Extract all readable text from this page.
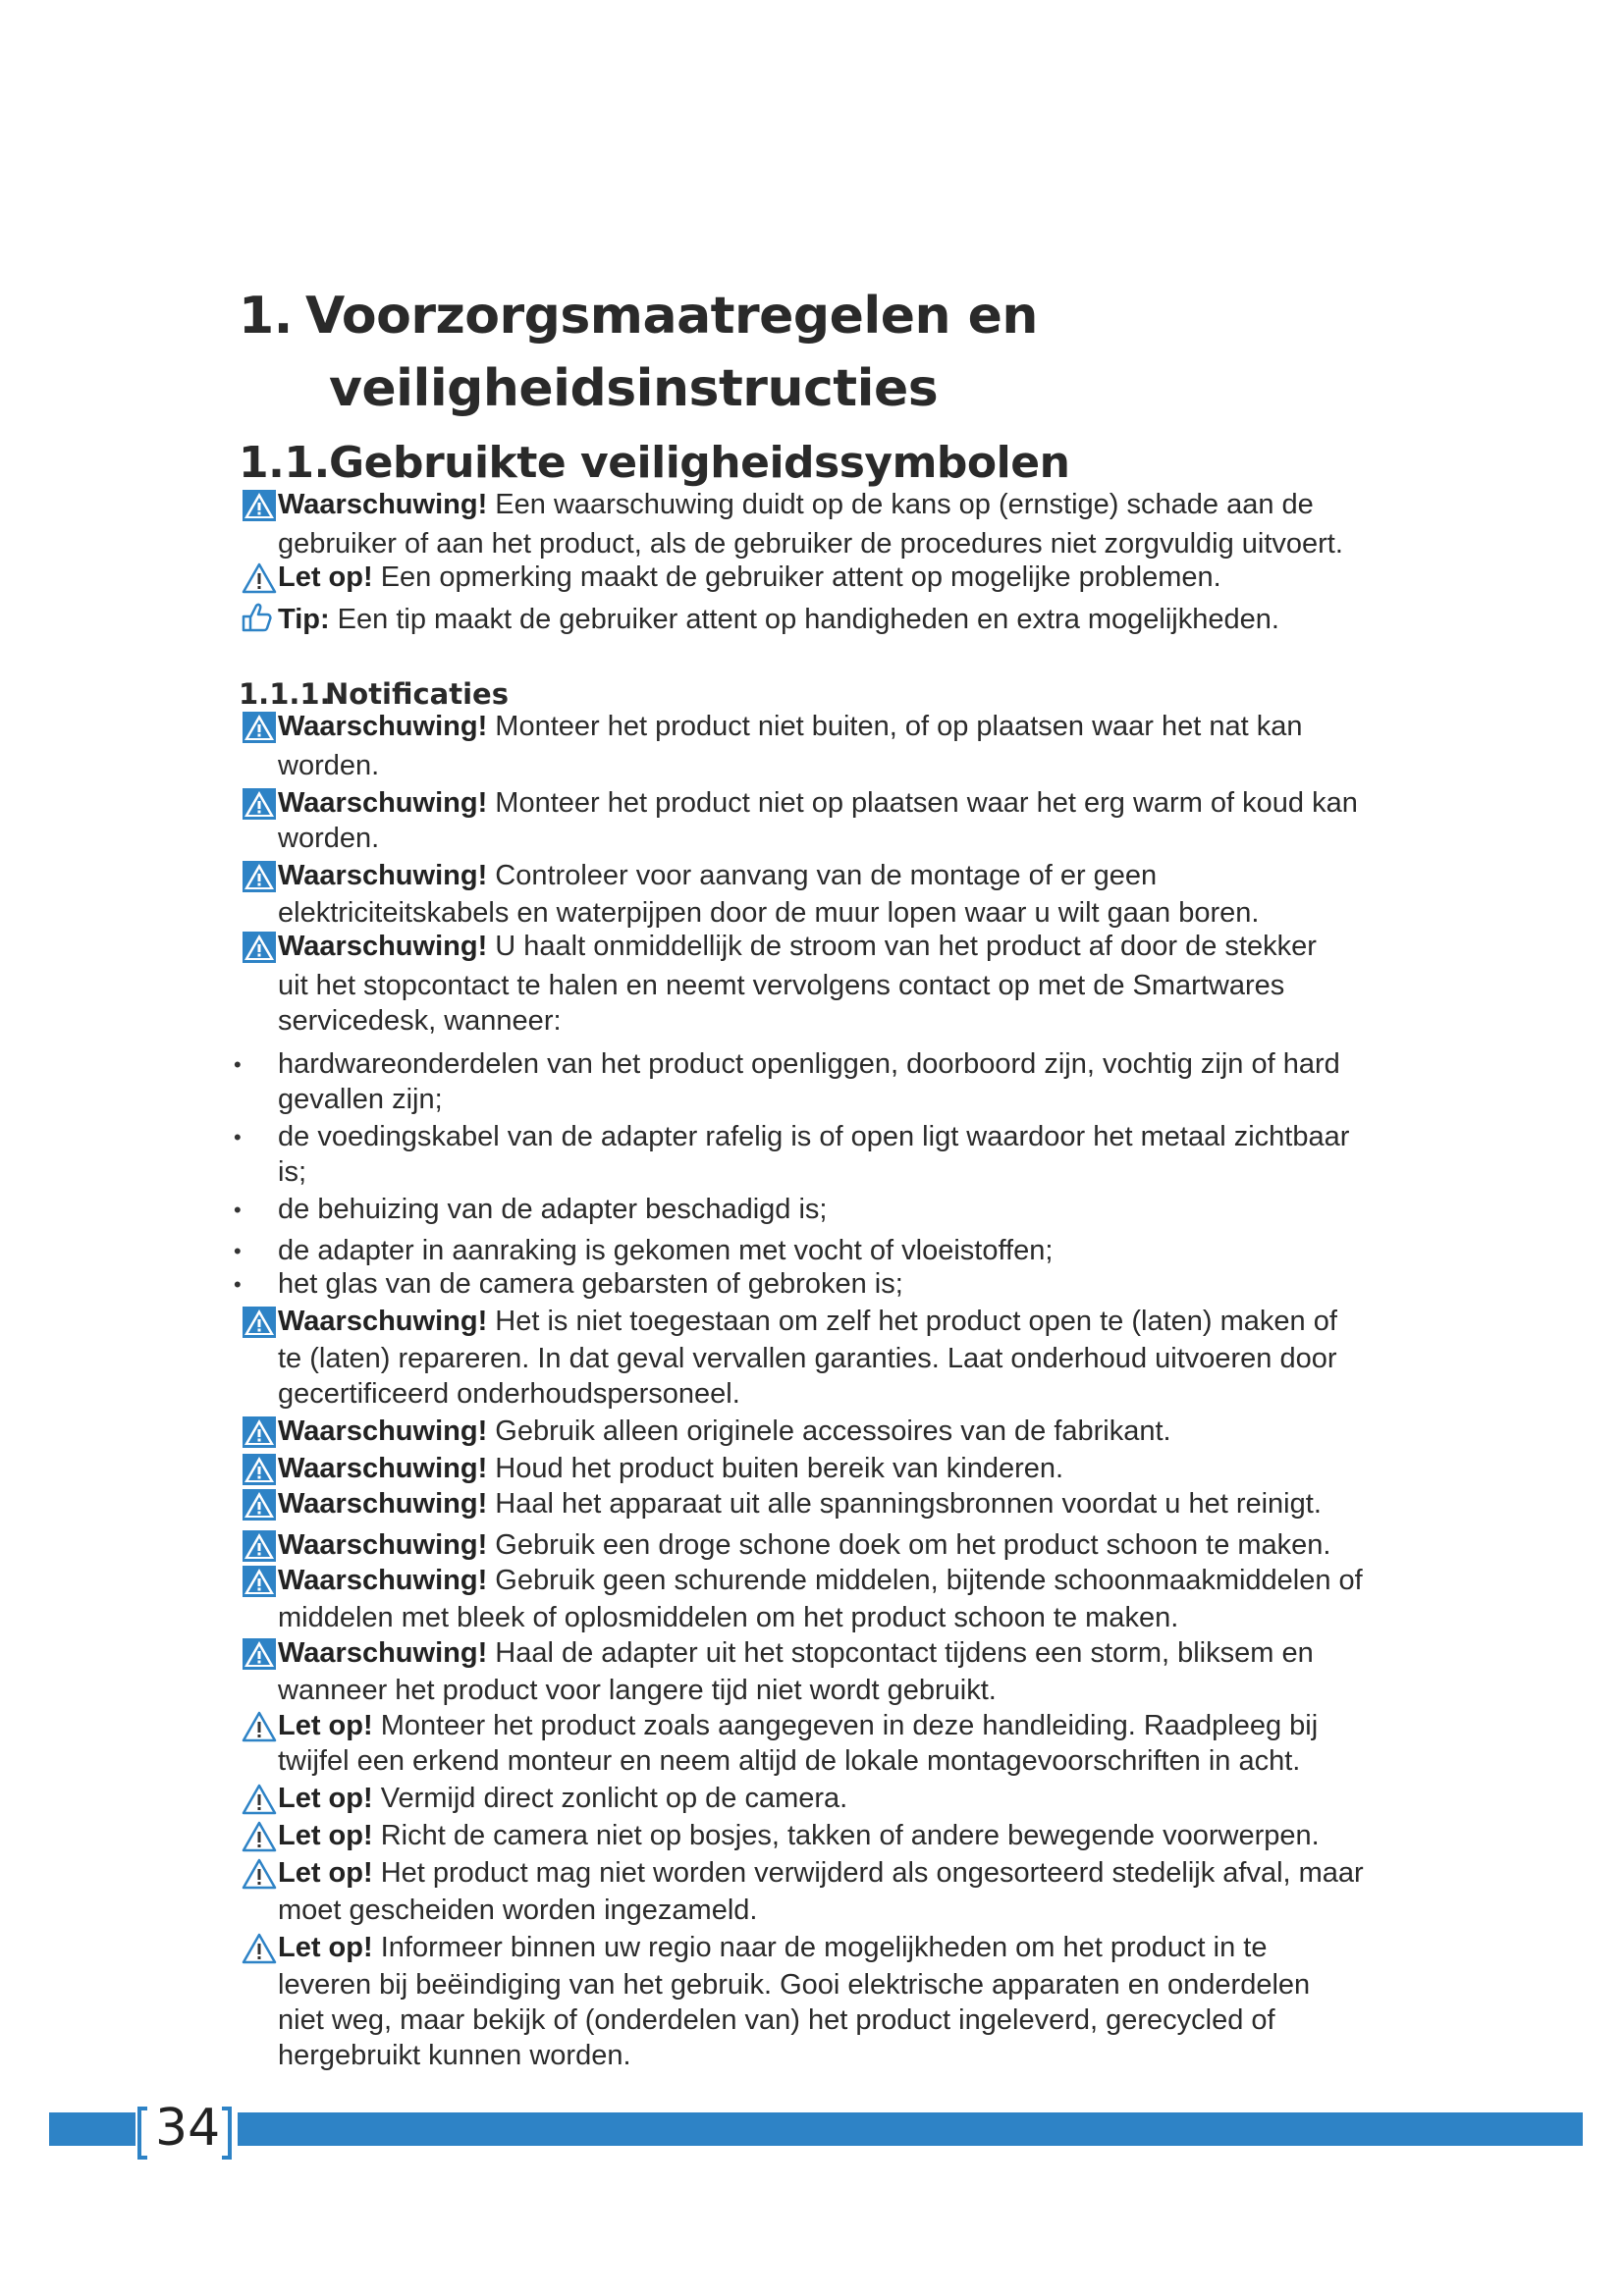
1. Voorzorgsmaatregelen en
veiligheidsinstructies
1.1.Gebruikte veiligheidssymbolen
Waarschuwing! Een waarschuwing duidt op de kans op (ernstige) schade aan de
gebruiker of aan het product, als de gebruiker de procedures niet zorgvuldig uitvoert.
Let op! Een opmerking maakt de gebruiker attent op mogelijke problemen.
Tip: Een tip maakt de gebruiker attent op handigheden en extra mogelijkheden.
1.1.1.Notificaties
Waarschuwing! Monteer het product niet buiten, of op plaatsen waar het nat kan
worden.
Waarschuwing! Monteer het product niet op plaatsen waar het erg warm of koud kan
worden.
Waarschuwing! Controleer voor aanvang van de montage of er geen
elektriciteitskabels en waterpijpen door de muur lopen waar u wilt gaan boren.
Waarschuwing! U haalt onmiddellijk de stroom van het product af door de stekker
uit het stopcontact te halen en neemt vervolgens contact op met de Smartwares
servicedesk, wanneer:
hardwareonderdelen van het product openliggen, doorboord zijn, vochtig zijn of hard
gevallen zijn;
de voedingskabel van de adapter rafelig is of open ligt waardoor het metaal zichtbaar
is;
de behuizing van de adapter beschadigd is;
de adapter in aanraking is gekomen met vocht of vloeistoffen;
het glas van de camera gebarsten of gebroken is;
Waarschuwing! Het is niet toegestaan om zelf het product open te (laten) maken of
te (laten) repareren. In dat geval vervallen garanties. Laat onderhoud uitvoeren door
gecertificeerd onderhoudspersoneel.
Waarschuwing! Gebruik alleen originele accessoires van de fabrikant.
Waarschuwing! Houd het product buiten bereik van kinderen.
Waarschuwing! Haal het apparaat uit alle spanningsbronnen voordat u het reinigt.
Waarschuwing! Gebruik een droge schone doek om het product schoon te maken.
Waarschuwing! Gebruik geen schurende middelen, bijtende schoonmaakmiddelen of
middelen met bleek of oplosmiddelen om het product schoon te maken.
Waarschuwing! Haal de adapter uit het stopcontact tijdens een storm, bliksem en
wanneer het product voor langere tijd niet wordt gebruikt.
Let op! Monteer het product zoals aangegeven in deze handleiding. Raadpleeg bij
twijfel een erkend monteur en neem altijd de lokale montagevoorschriften in acht.
Let op! Vermijd direct zonlicht op de camera.
Let op! Richt de camera niet op bosjes, takken of andere bewegende voorwerpen.
Let op! Het product mag niet worden verwijderd als ongesorteerd stedelijk afval, maar
moet gescheiden worden ingezameld.
Let op! Informeer binnen uw regio naar de mogelijkheden om het product in te
leveren bij beëindiging van het gebruik. Gooi elektrische apparaten en onderdelen
niet weg, maar bekijk of (onderdelen van) het product ingeleverd, gerecycled of
hergebruikt kunnen worden.
•
•
•
•
•
34
